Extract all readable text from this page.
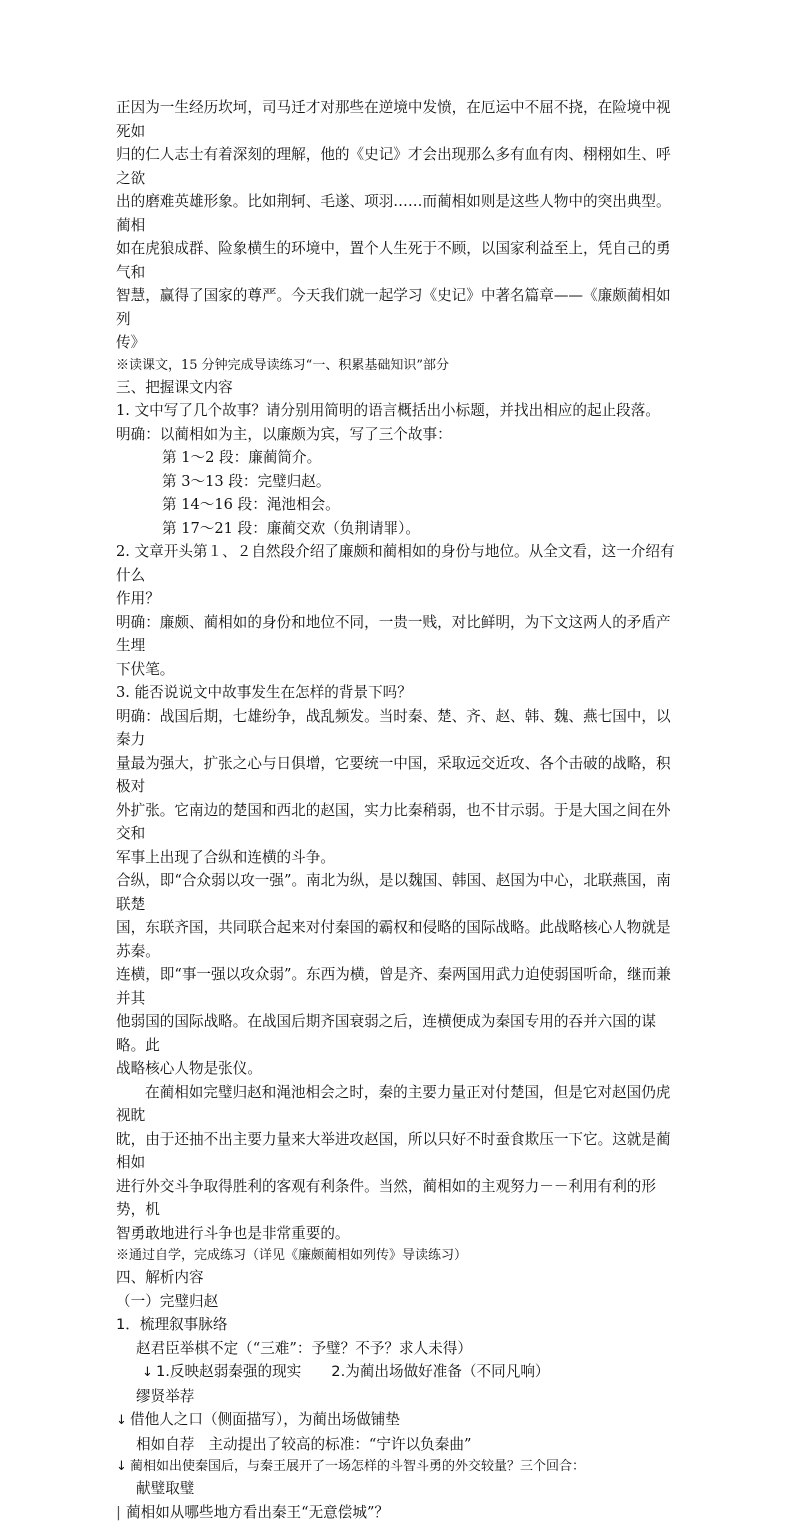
正因为一生经历坎坷，司马迁才对那些在逆境中发愤，在厄运中不屈不挠，在险境中视死如

归的仁人志士有着深刻的理解，他的《史记》才会出现那么多有血有肉、栩栩如生、呼之欲

出的磨难英雄形象。比如荆轲、毛遂、项羽……而蔺相如则是这些人物中的突出典型。蔺相

如在虎狼成群、险象横生的环境中，置个人生死于不顾，以国家利益至上，凭自己的勇气和

智慧，赢得了国家的尊严。今天我们就一起学习《史记》中著名篇章——《廉颇蔺相如列

传》

※读课文，15 分钟完成导读练习“一、积累基础知识”部分

三、把握课文内容

1. 文中写了几个故事？请分别用简明的语言概括出小标题，并找出相应的起止段落。

明确：以蔺相如为主，以廉颇为宾，写了三个故事：

第 1～2 段：廉蔺简介。

第 3～13 段：完璧归赵。

第 14～16 段：渑池相会。

第 17～21 段：廉蔺交欢（负荆请罪）。

2. 文章开头第１、２自然段介绍了廉颇和蔺相如的身份与地位。从全文看，这一介绍有什么

作用？

明确：廉颇、蔺相如的身份和地位不同，一贵一贱，对比鲜明，为下文这两人的矛盾产生埋

下伏笔。

3. 能否说说文中故事发生在怎样的背景下吗？

明确：战国后期，七雄纷争，战乱频发。当时秦、楚、齐、赵、韩、魏、燕七国中，以秦力

量最为强大，扩张之心与日俱增，它要统一中国，采取远交近攻、各个击破的战略，积极对

外扩张。它南边的楚国和西北的赵国，实力比秦稍弱，也不甘示弱。于是大国之间在外交和

军事上出现了合纵和连横的斗争。

合纵，即“合众弱以攻一强”。南北为纵，是以魏国、韩国、赵国为中心，北联燕国，南联楚

国，东联齐国，共同联合起来对付秦国的霸权和侵略的国际战略。此战略核心人物就是苏秦。

连横，即“事一强以攻众弱”。东西为横，曾是齐、秦两国用武力迫使弱国听命，继而兼并其

他弱国的国际战略。在战国后期齐国衰弱之后，连横便成为秦国专用的吞并六国的谋略。此

战略核心人物是张仪。

在蔺相如完璧归赵和渑池相会之时，秦的主要力量正对付楚国，但是它对赵国仍虎视眈

眈，由于还抽不出主要力量来大举进攻赵国，所以只好不时蚕食欺压一下它。这就是蔺相如

进行外交斗争取得胜利的客观有利条件。当然，蔺相如的主观努力－－利用有利的形势，机

智勇敢地进行斗争也是非常重要的。

※通过自学，完成练习（详见《廉颇蔺相如列传》导读练习）

四、解析内容

（一）完璧归赵

1．梳理叙事脉络

赵君臣举棋不定（“三难”：予璧？不予？求人未得）

↓ 1.反映赵弱秦强的现实 2.为蔺出场做好准备（不同凡响）

缪贤举荐

↓ 借他人之口（侧面描写），为蔺出场做铺垫
相如自荐 主动提出了较高的标准：“宁许以负秦曲”
↓ 蔺相如出使秦国后，与秦王展开了一场怎样的斗智斗勇的外交较量？三个回合：

献璧取璧

| 蔺相如从哪些地方看出秦王“无意偿城”？
